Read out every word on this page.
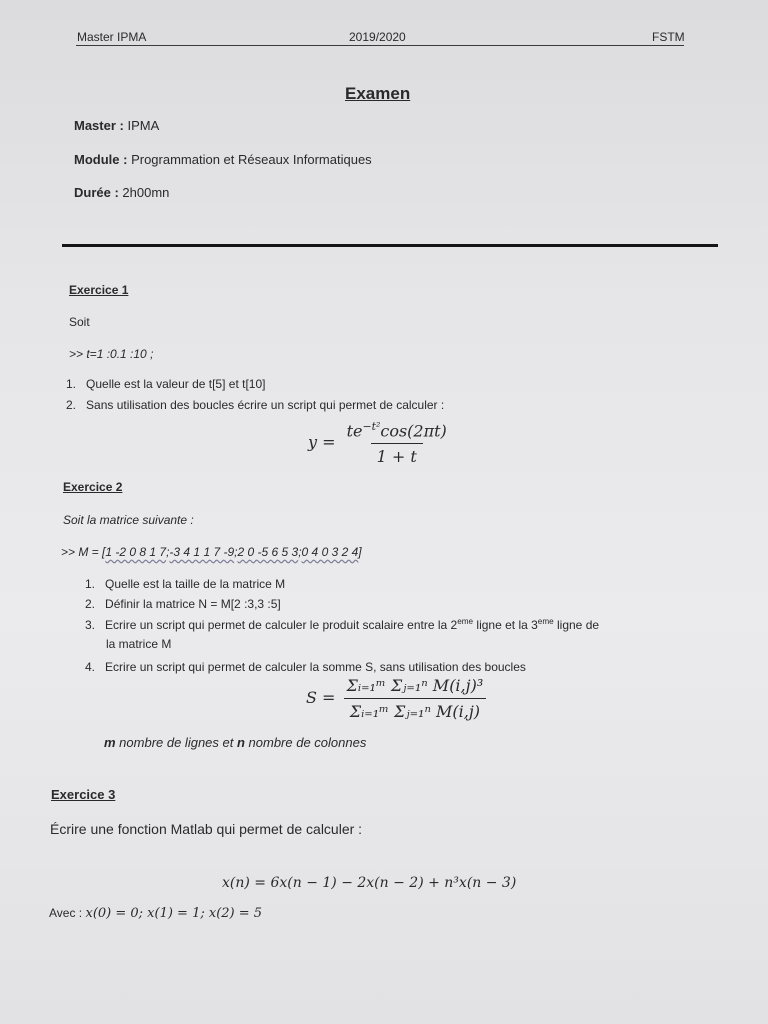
Master IPMA	2019/2020	FSTM
Examen
Master : IPMA
Module : Programmation et Réseaux Informatiques
Durée : 2h00mn
Exercice 1
Soit
>> t=1 :0.1 :10 ;
1. Quelle est la valeur de t[5] et t[10]
2. Sans utilisation des boucles écrire un script qui permet de calculer :
$y = \frac{te^{-t^2}\cos(2\pi t)}{1 + t}$
Exercice 2
Soit la matrice suivante :
>> M = [1 -2 0 8 1 7;-3 4 1 1 7 -9;2 0 -5 6 5 3;0 4 0 3 2 4]
1. Quelle est la taille de la matrice M
2. Définir la matrice N = M[2 :3,3 :5]
3. Ecrire un script qui permet de calculer le produit scalaire entre la 2eme ligne et la 3eme ligne de
la matrice M
4. Ecrire un script qui permet de calculer la somme S, sans utilisation des boucles
$S = \frac{\text{Σᵢ₌₁ᵐ Σⱼ₌₁ⁿ M(i,j)³}}{\text{Σᵢ₌₁ᵐ Σⱼ₌₁ⁿ M(i,j)}}$
m nombre de lignes et n nombre de colonnes
Exercice 3
Écrire une fonction Matlab qui permet de calculer :
x(n) = 6x(n − 1) − 2x(n − 2) + n³x(n − 3)
Avec : x(0) = 0; x(1) = 1; x(2) = 5
